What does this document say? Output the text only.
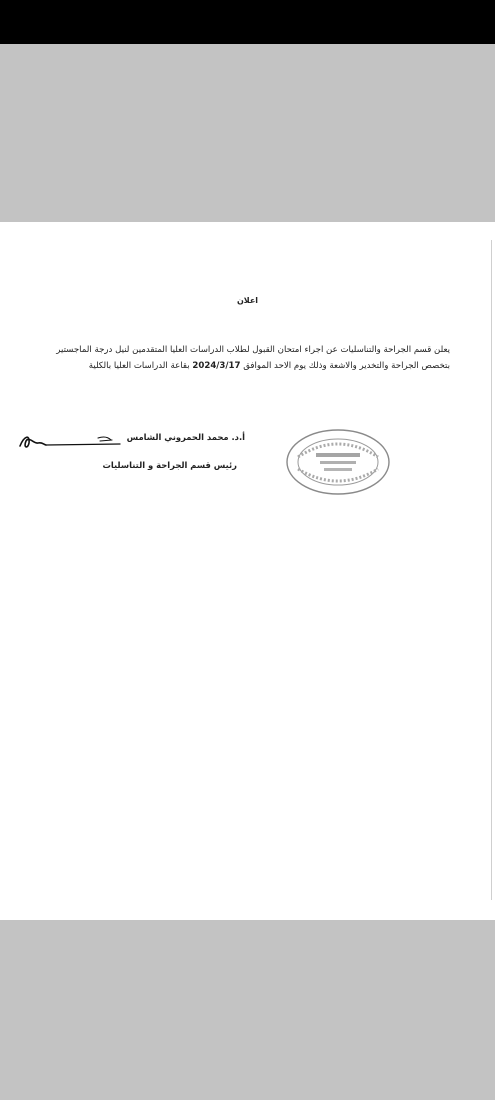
اعلان
يعلن قسم الجراحة والتناسليات عن اجراء امتحان القبول لطلاب الدراسات العليا المتقدمين لنيل درجة الماجستير بتخصص الجراحة والتخدير والاشعة وذلك يوم الاحد الموافق 2024/3/17 بقاعة الدراسات العليا بالكلية
أ.د. محمد الحمروني الشامس
رئيس قسم الجراحة و التناسليات
